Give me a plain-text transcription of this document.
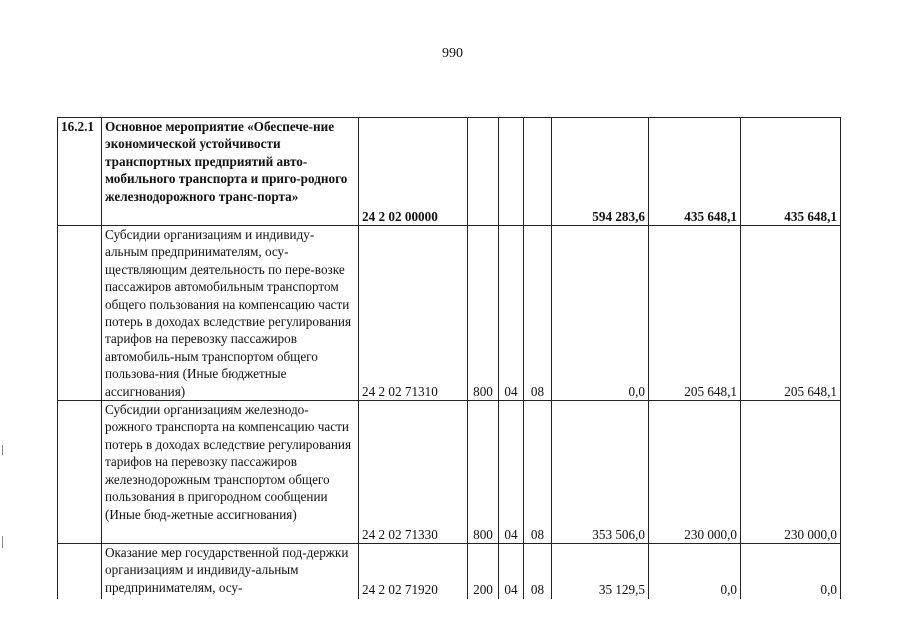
990
16.2.1	Основное мероприятие «Обеспече-ние экономической устойчивости транспортных предприятий авто-мобильного транспорта и приго-родного железнодорожного транс-порта»	24 2 02 00000				594 283,6	435 648,1	435 648,1
	Субсидии организациям и индивиду-альным предпринимателям, осу-ществляющим деятельность по пере-возке пассажиров автомобильным транспортом общего пользования на компенсацию части потерь в доходах вследствие регулирования тарифов на перевозку пассажиров автомобиль-ным транспортом общего пользова-ния (Иные бюджетные ассигнования)	24 2 02 71310	800	04	08	0,0	205 648,1	205 648,1
	Субсидии организациям железнодо-рожного транспорта на компенсацию части потерь в доходах вследствие регулирования тарифов на перевозку пассажиров железнодорожным транспортом общего пользования в пригородном сообщении (Иные бюд-жетные ассигнования)	24 2 02 71330	800	04	08	353 506,0	230 000,0	230 000,0
	Оказание мер государственной под-держки организациям и индивиду-альным предпринимателям, осу-	24 2 02 71920	200	04	08	35 129,5	0,0	0,0
